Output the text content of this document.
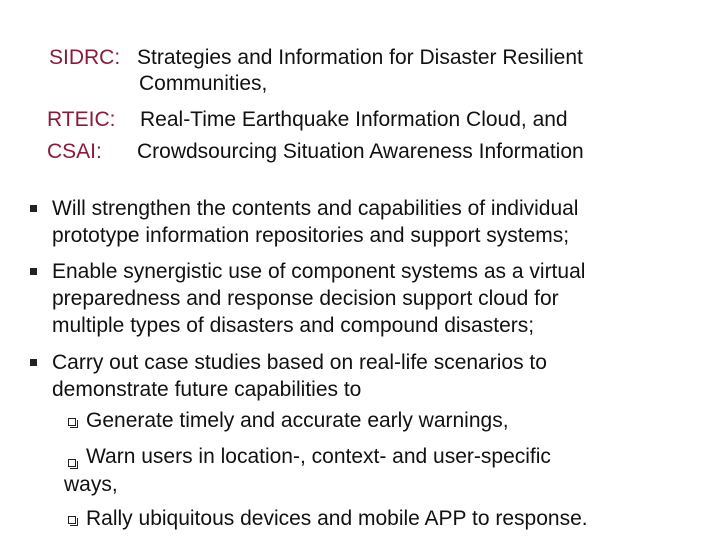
SIDRC: Strategies and Information for Disaster Resilient
Communities,
RTEIC: Real-Time Earthquake Information Cloud, and
CSAI: Crowdsourcing Situation Awareness Information
Will strengthen the contents and capabilities of individual
prototype information repositories and support systems;
Enable synergistic use of component systems as a virtual
preparedness and response decision support cloud for
multiple types of disasters and compound disasters;
Carry out case studies based on real-life scenarios to
demonstrate future capabilities to
Generate timely and accurate early warnings,
Warn users in location-, context- and user-specific
ways,
Rally ubiquitous devices and mobile APP to response.
